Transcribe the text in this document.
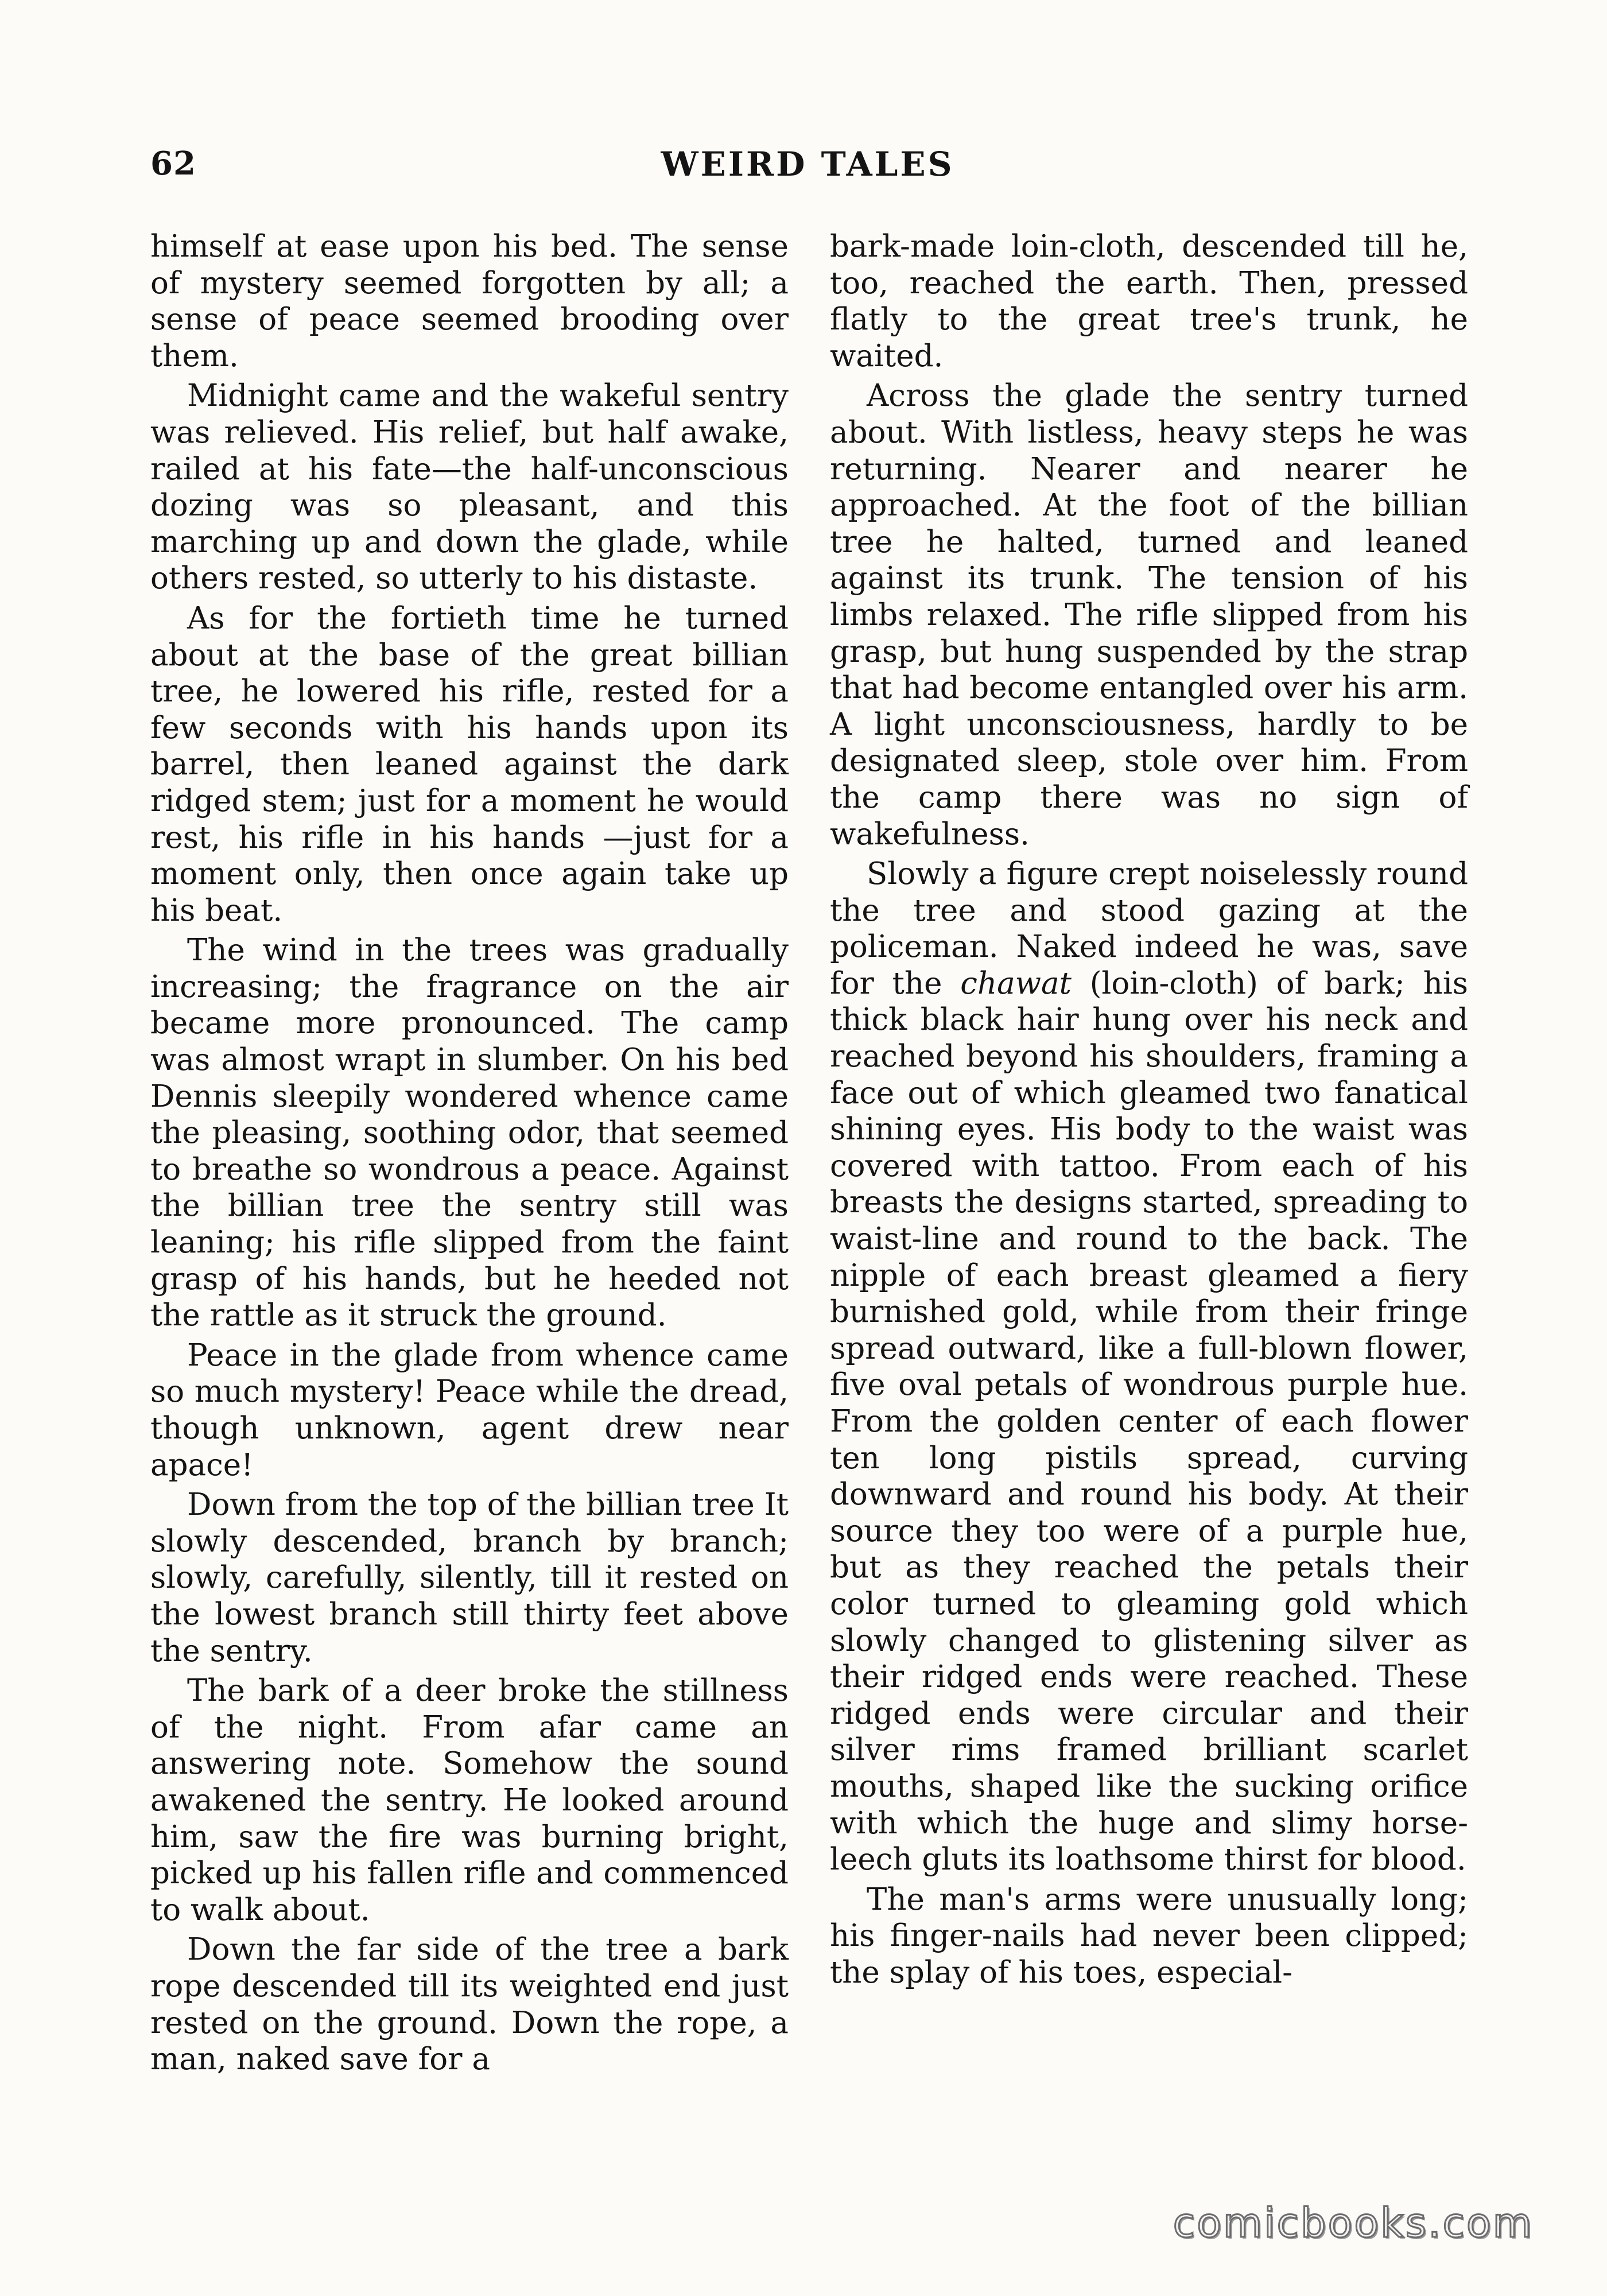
62	WEIRD TALES

himself at ease upon his bed. The sense of mystery seemed forgotten by all; a sense of peace seemed brooding over them.

Midnight came and the wakeful sentry was relieved. His relief, but half awake, railed at his fate—the half-unconscious dozing was so pleasant, and this marching up and down the glade, while others rested, so utterly to his distaste.

As for the fortieth time he turned about at the base of the great billian tree, he lowered his rifle, rested for a few seconds with his hands upon its barrel, then leaned against the dark ridged stem; just for a moment he would rest, his rifle in his hands —just for a moment only, then once again take up his beat.

The wind in the trees was gradually increasing; the fragrance on the air became more pronounced. The camp was almost wrapt in slumber. On his bed Dennis sleepily wondered whence came the pleasing, soothing odor, that seemed to breathe so wondrous a peace. Against the billian tree the sentry still was leaning; his rifle slipped from the faint grasp of his hands, but he heeded not the rattle as it struck the ground.

Peace in the glade from whence came so much mystery! Peace while the dread, though unknown, agent drew near apace!

Down from the top of the billian tree It slowly descended, branch by branch; slowly, carefully, silently, till it rested on the lowest branch still thirty feet above the sentry.

The bark of a deer broke the stillness of the night. From afar came an answering note. Somehow the sound awakened the sentry. He looked around him, saw the fire was burning bright, picked up his fallen rifle and commenced to walk about.

Down the far side of the tree a bark rope descended till its weighted end just rested on the ground. Down the rope, a man, naked save for a

bark-made loin-cloth, descended till he, too, reached the earth. Then, pressed flatly to the great tree's trunk, he waited.

Across the glade the sentry turned about. With listless, heavy steps he was returning. Nearer and nearer he approached. At the foot of the billian tree he halted, turned and leaned against its trunk. The tension of his limbs relaxed. The rifle slipped from his grasp, but hung suspended by the strap that had become entangled over his arm. A light unconsciousness, hardly to be designated sleep, stole over him. From the camp there was no sign of wakefulness.

Slowly a figure crept noiselessly round the tree and stood gazing at the policeman. Naked indeed he was, save for the chawat (loin-cloth) of bark; his thick black hair hung over his neck and reached beyond his shoulders, framing a face out of which gleamed two fanatical shining eyes. His body to the waist was covered with tattoo. From each of his breasts the designs started, spreading to waist-line and round to the back. The nipple of each breast gleamed a fiery burnished gold, while from their fringe spread outward, like a full-blown flower, five oval petals of wondrous purple hue. From the golden center of each flower ten long pistils spread, curving downward and round his body. At their source they too were of a purple hue, but as they reached the petals their color turned to gleaming gold which slowly changed to glistening silver as their ridged ends were reached. These ridged ends were circular and their silver rims framed brilliant scarlet mouths, shaped like the sucking orifice with which the huge and slimy horse-leech gluts its loathsome thirst for blood.

The man's arms were unusually long; his finger-nails had never been clipped; the splay of his toes, especial-

comicbooks.com
